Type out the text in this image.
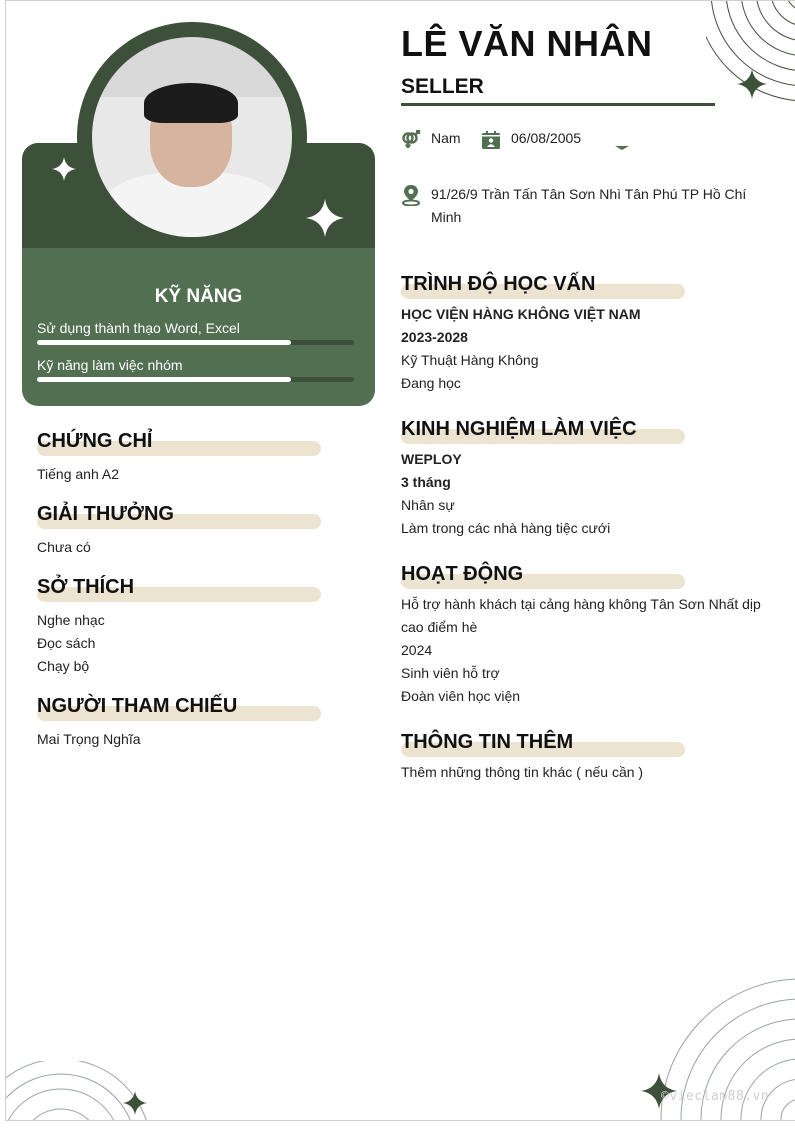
KỸ NĂNG
Sử dụng thành thạo Word, Excel
Kỹ năng làm việc nhóm
CHỨNG CHỈ
Tiếng anh A2
GIẢI THƯỞNG
Chưa có
SỞ THÍCH
Nghe nhạc
Đọc sách
Chạy bộ
NGƯỜI THAM CHIẾU
Mai Trọng Nghĩa
LÊ VĂN NHÂN
SELLER
Nam	06/08/2005
91/26/9 Trần Tấn Tân Sơn Nhì Tân Phú TP Hồ Chí Minh
TRÌNH ĐỘ HỌC VẤN
HỌC VIỆN HÀNG KHÔNG VIỆT NAM
2023-2028
Kỹ Thuật Hàng Không
Đang học
KINH NGHIỆM LÀM VIỆC
WEPLOY
3 tháng
Nhân sự
Làm trong các nhà hàng tiệc cưới
HOẠT ĐỘNG
Hỗ trợ hành khách tại cảng hàng không Tân Sơn Nhất dịp cao điểm hè
2024
Sinh viên hỗ trợ
Đoàn viên học viện
THÔNG TIN THÊM
Thêm những thông tin khác ( nếu cần )
©vieclam88.vn
